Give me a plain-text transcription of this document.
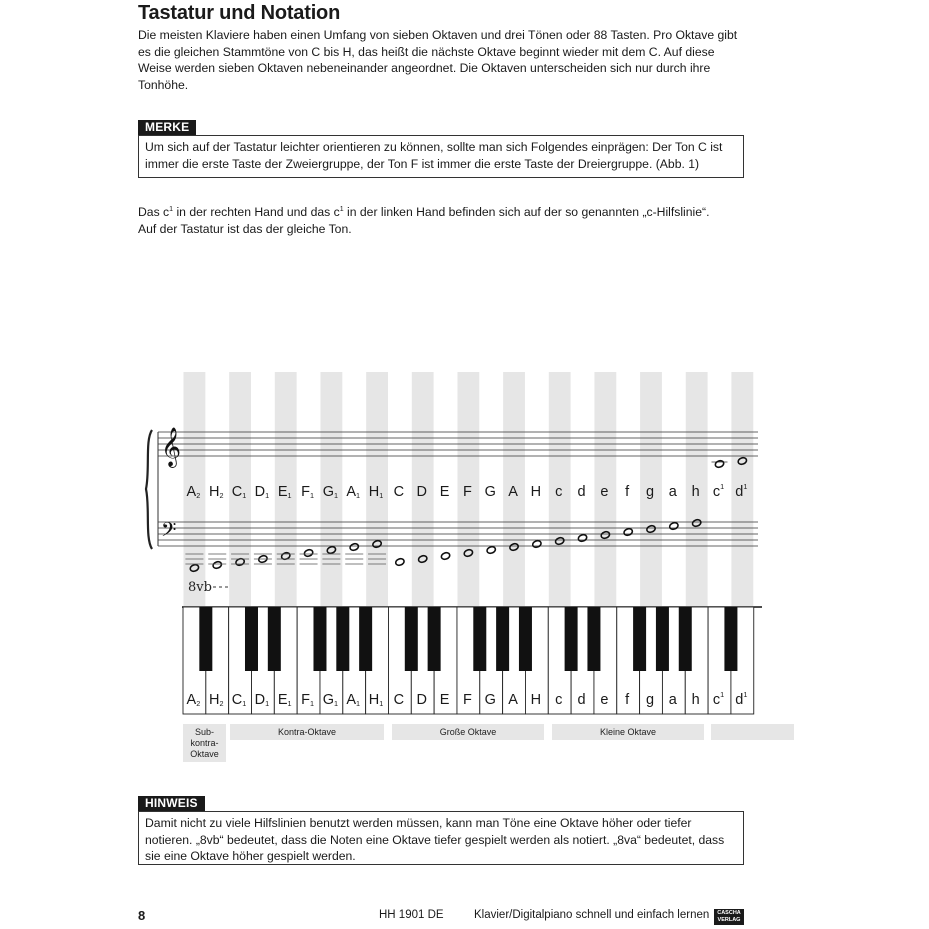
Tastatur und Notation
Die meisten Klaviere haben einen Umfang von sieben Oktaven und drei Tönen oder 88 Tasten. Pro Oktave gibt es die gleichen Stammtöne von C bis H, das heißt die nächste Oktave beginnt wieder mit dem C. Auf diese Weise werden sieben Oktaven nebeneinander angeordnet. Die Oktaven unterscheiden sich nur durch ihre Tonhöhe.
MERKE
Um sich auf der Tastatur leichter orientieren zu können, sollte man sich Folgendes einprägen: Der Ton C ist immer die erste Taste der Zweiergruppe, der Ton F ist immer die erste Taste der Dreiergruppe. (Abb. 1)
Das $c^1$ in der rechten Hand und das $c^1$ in der linken Hand befinden sich auf der so genannten „c-Hilfslinie“.
Auf der Tastatur ist das der gleiche Ton.
𝄞
𝄢
8vb
A2 H2 C1 D1 E1 F1 G1 A1 H1 C D E F G A H c d e f g a h $c^1$ $d^1$
A2 H2 C1 D1 E1 F1 G1 A1 H1 C D E F G A H c d e f g a h $c^1$ $d^1$
Sub-
kontra-
Oktave
Kontra-Oktave	Große Oktave	Kleine Oktave
HINWEIS
Damit nicht zu viele Hilfslinien benutzt werden müssen, kann man Töne eine Oktave höher oder tiefer notieren. „8vb“ bedeutet, dass die Noten eine Oktave tiefer gespielt werden als notiert. „8va“ bedeutet, dass sie eine Oktave höher gespielt werden.
8	HH 1901 DE	Klavier/Digitalpiano schnell und einfach lernen	CASCHA
VERLAG
